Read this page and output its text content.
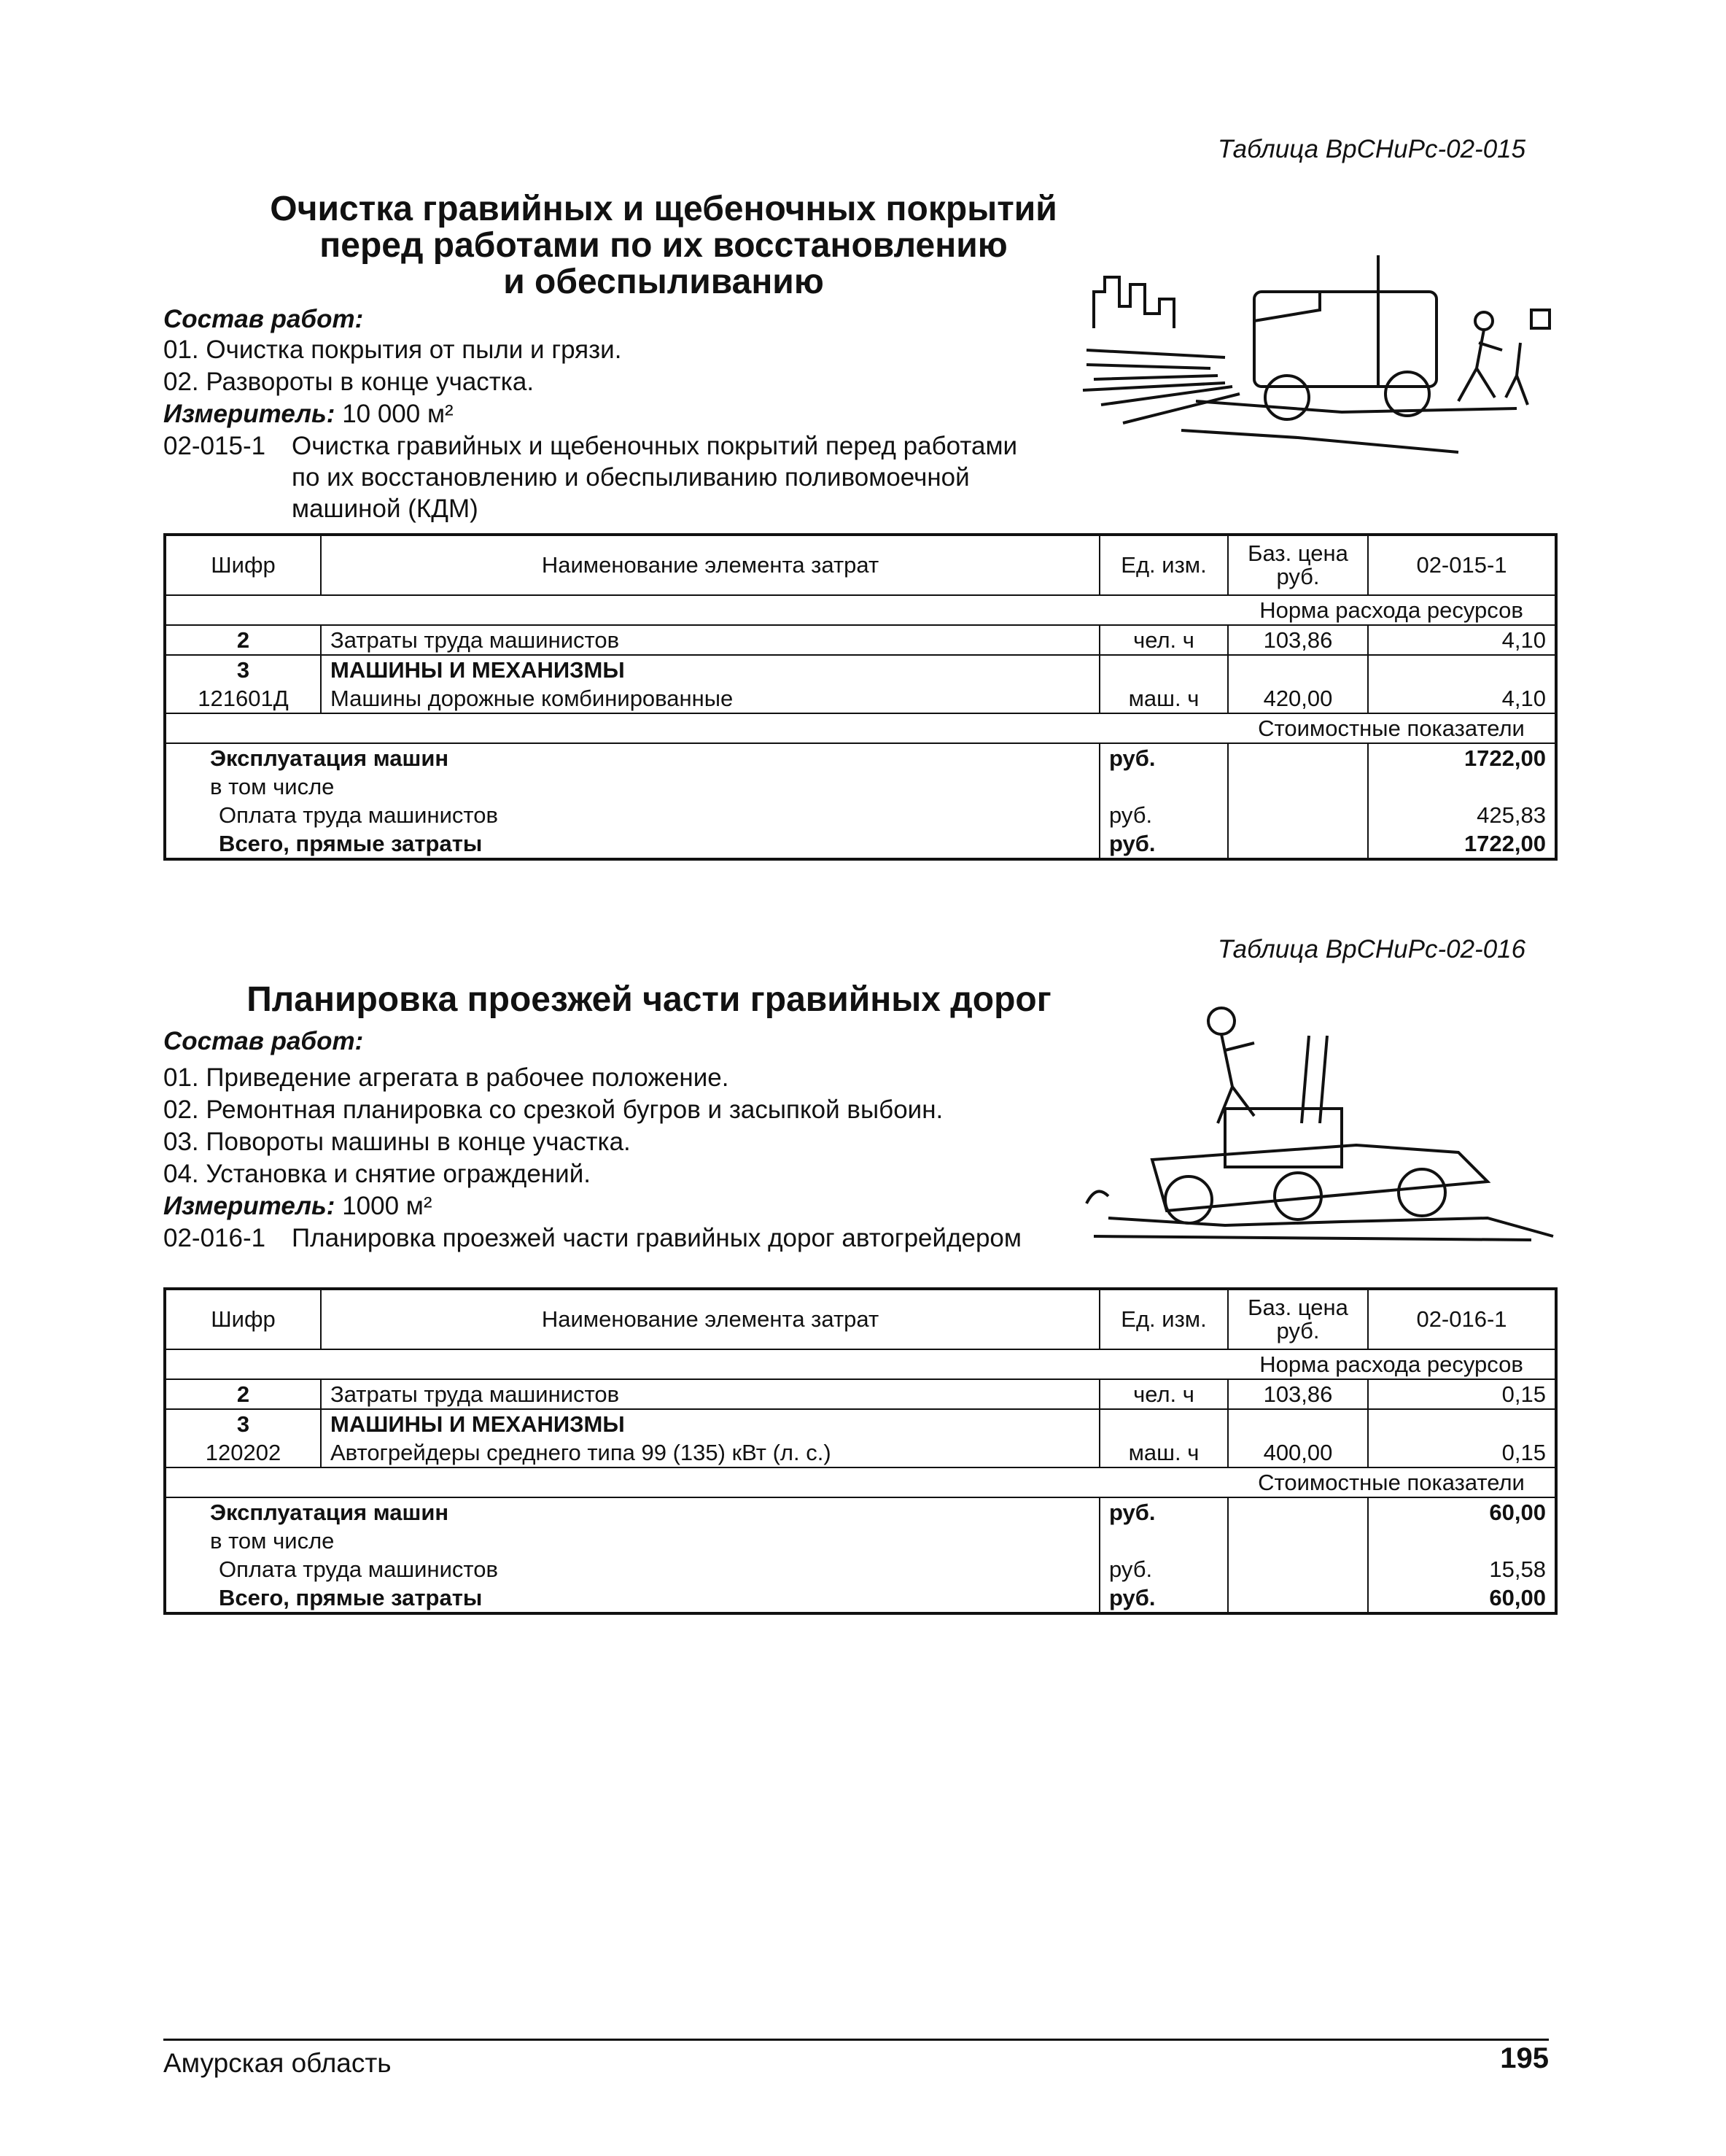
Таблица ВрСНиРс-02-015
Очистка гравийных и щебеночных покрытий
перед работами по их восстановлению
и обеспыливанию
Состав работ:
01. Очистка покрытия от пыли и грязи.
02. Развороты в конце участка.
Измеритель: 10 000 м²
02-015-1 Очистка гравийных и щебеночных покрытий перед работами
по их восстановлению и обеспыливанию поливомоечной
машиной (КДМ)
Шифр	Наименование элемента затрат	Ед. изм.	Баз. цена руб.	02-015-1
			Норма расхода ресурсов	
2	Затраты труда машинистов	чел. ч	103,86	4,10
3	МАШИНЫ И МЕХАНИЗМЫ			
121601Д	Машины дорожные комбинированные	маш. ч	420,00	4,10
			Стоимостные показатели	
Эксплуатация машин		руб.		1722,00
в том числе				
Оплата труда машинистов		руб.		425,83
Всего, прямые затраты		руб.		1722,00
Таблица ВрСНиРс-02-016
Планировка проезжей части гравийных дорог
Состав работ:
01. Приведение агрегата в рабочее положение.
02. Ремонтная планировка со срезкой бугров и засыпкой выбоин.
03. Повороты машины в конце участка.
04. Установка и снятие ограждений.
Измеритель: 1000 м²
02-016-1 Планировка проезжей части гравийных дорог автогрейдером
Шифр	Наименование элемента затрат	Ед. изм.	Баз. цена руб.	02-016-1
			Норма расхода ресурсов	
2	Затраты труда машинистов	чел. ч	103,86	0,15
3	МАШИНЫ И МЕХАНИЗМЫ			
120202	Автогрейдеры среднего типа 99 (135) кВт (л. с.)	маш. ч	400,00	0,15
			Стоимостные показатели	
Эксплуатация машин		руб.		60,00
в том числе				
Оплата труда машинистов		руб.		15,58
Всего, прямые затраты		руб.		60,00
Амурская область	195
